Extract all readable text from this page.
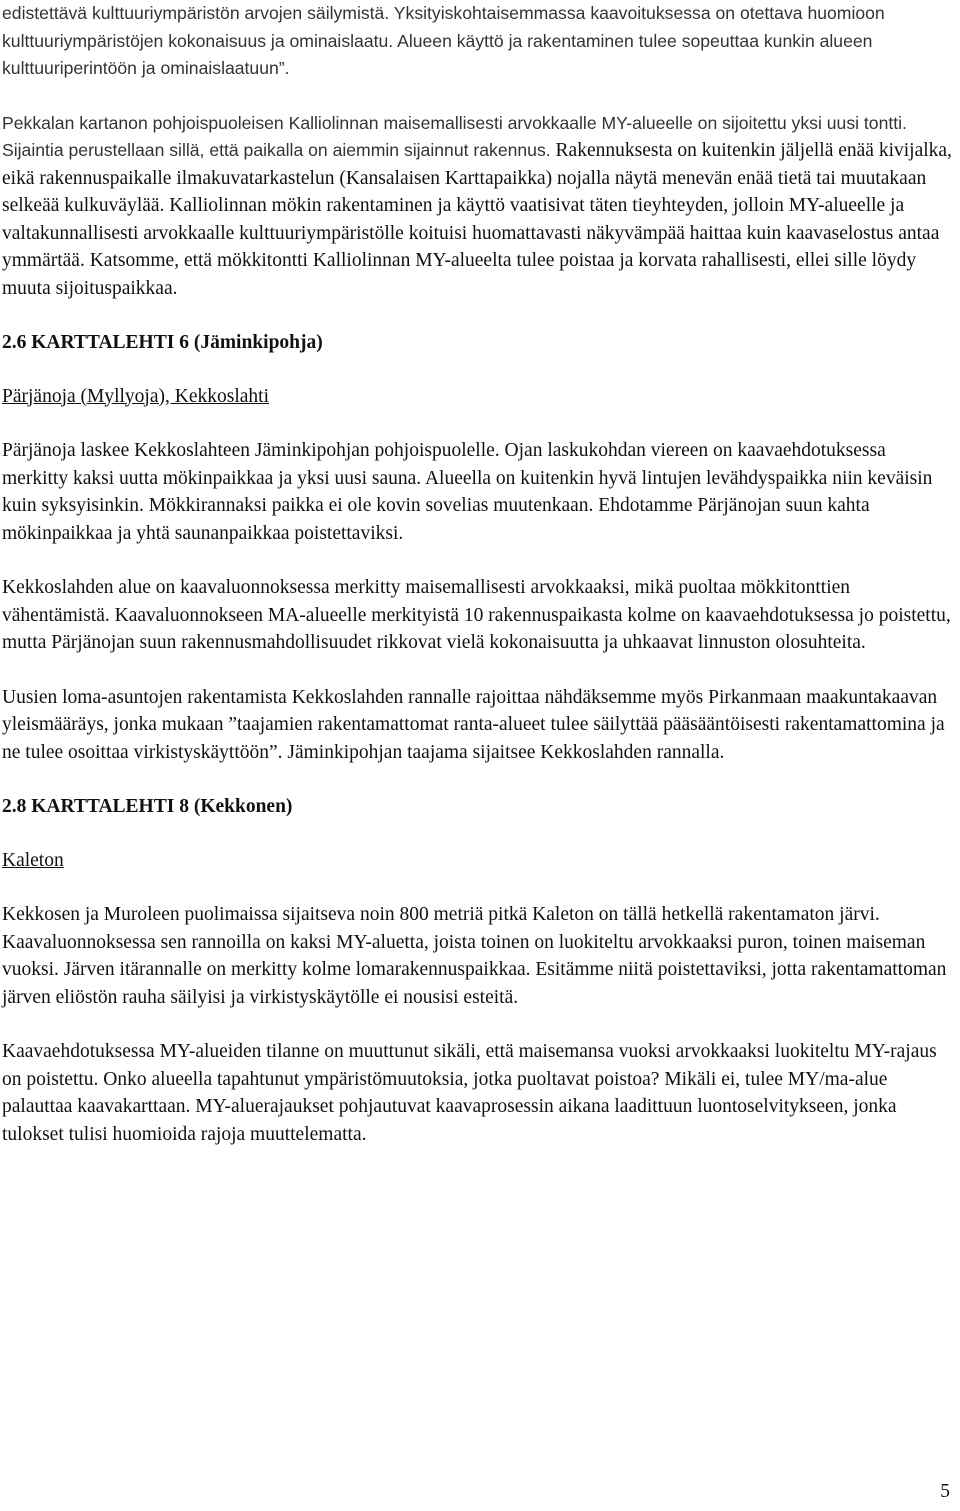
edistettävä kulttuuriympäristön arvojen säilymistä. Yksityiskohtaisemmassa kaavoituksessa on otettava huomioon kulttuuriympäristöjen kokonaisuus ja ominaislaatu. Alueen käyttö ja rakentaminen tulee sopeuttaa kunkin alueen kulttuuriperintöön ja ominaislaatuun”.

Pekkalan kartanon pohjoispuoleisen Kalliolinnan maisemallisesti arvokkaalle MY-alueelle on sijoitettu yksi uusi tontti. Sijaintia perustellaan sillä, että paikalla on aiemmin sijainnut rakennus. Rakennuksesta on kuitenkin jäljellä enää kivijalka, eikä rakennuspaikalle ilmakuvatarkastelun (Kansalaisen Karttapaikka) nojalla näytä menevän enää tietä tai muutakaan selkeää kulkuväylää. Kalliolinnan mökin rakentaminen ja käyttö vaatisivat täten tieyhteyden, jolloin MY-alueelle ja valtakunnallisesti arvokkaalle kulttuuriympäristölle koituisi huomattavasti näkyvämpää haittaa kuin kaavaselostus antaa ymmärtää. Katsomme, että mökkitontti Kalliolinnan MY-alueelta tulee poistaa ja korvata rahallisesti, ellei sille löydy muuta sijoituspaikkaa.

2.6 KARTTALEHTI 6 (Jäminkipohja)

Pärjänoja (Myllyoja), Kekkoslahti

Pärjänoja laskee Kekkoslahteen Jäminkipohjan pohjoispuolelle. Ojan laskukohdan viereen on kaavaehdotuksessa merkitty kaksi uutta mökinpaikkaa ja yksi uusi sauna. Alueella on kuitenkin hyvä lintujen levähdyspaikka niin keväisin kuin syksyisinkin. Mökkirannaksi paikka ei ole kovin sovelias muutenkaan. Ehdotamme Pärjänojan suun kahta mökinpaikkaa ja yhtä saunanpaikkaa poistettaviksi.

Kekkoslahden alue on kaavaluonnoksessa merkitty maisemallisesti arvokkaaksi, mikä puoltaa mökkitonttien vähentämistä. Kaavaluonnokseen MA-alueelle merkityistä 10 rakennuspaikasta kolme on kaavaehdotuksessa jo poistettu, mutta Pärjänojan suun rakennusmahdollisuudet rikkovat vielä kokonaisuutta ja uhkaavat linnuston olosuhteita.

Uusien loma-asuntojen rakentamista Kekkoslahden rannalle rajoittaa nähdäksemme myös Pirkanmaan maakuntakaavan yleismääräys, jonka mukaan ”taajamien rakentamattomat ranta-alueet tulee säilyttää pääsääntöisesti rakentamattomina ja ne tulee osoittaa virkistyskäyttöön”. Jäminkipohjan taajama sijaitsee Kekkoslahden rannalla.

2.8 KARTTALEHTI 8 (Kekkonen)

Kaleton

Kekkosen ja Muroleen puolimaissa sijaitseva noin 800 metriä pitkä Kaleton on tällä hetkellä rakentamaton järvi. Kaavaluonnoksessa sen rannoilla on kaksi MY-aluetta, joista toinen on luokiteltu arvokkaaksi puron, toinen maiseman vuoksi. Järven itärannalle on merkitty kolme lomarakennuspaikkaa. Esitämme niitä poistettaviksi, jotta rakentamattoman järven eliöstön rauha säilyisi ja virkistyskäytölle ei nousisi esteitä.

Kaavaehdotuksessa MY-alueiden tilanne on muuttunut sikäli, että maisemansa vuoksi arvokkaaksi luokiteltu MY-rajaus on poistettu. Onko alueella tapahtunut ympäristömuutoksia, jotka puoltavat poistoa? Mikäli ei, tulee MY/ma-alue palauttaa kaavakarttaan. MY-aluerajaukset pohjautuvat kaavaprosessin aikana laadittuun luontoselvitykseen, jonka tulokset tulisi huomioida rajoja muuttelematta.

5
